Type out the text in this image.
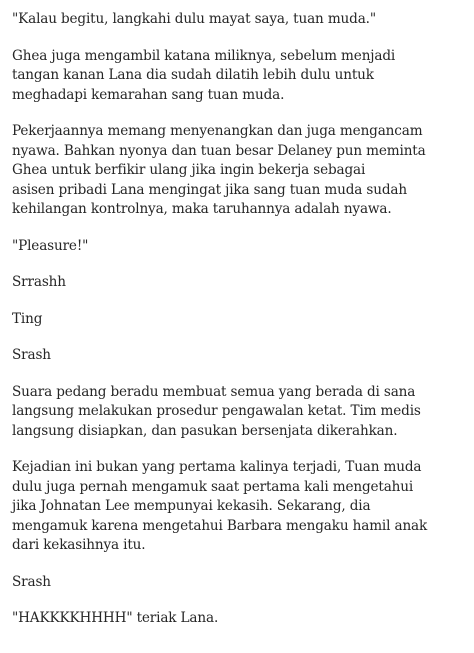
"Kalau begitu, langkahi dulu mayat saya, tuan muda."

Ghea juga mengambil katana miliknya, sebelum menjadi
tangan kanan Lana dia sudah dilatih lebih dulu untuk
meghadapi kemarahan sang tuan muda.

Pekerjaannya memang menyenangkan dan juga mengancam
nyawa. Bahkan nyonya dan tuan besar Delaney pun meminta
Ghea untuk berfikir ulang jika ingin bekerja sebagai
asisen pribadi Lana mengingat jika sang tuan muda sudah
kehilangan kontrolnya, maka taruhannya adalah nyawa.

"Pleasure!"

Srrashh

Ting

Srash

Suara pedang beradu membuat semua yang berada di sana
langsung melakukan prosedur pengawalan ketat. Tim medis
langsung disiapkan, dan pasukan bersenjata dikerahkan.

Kejadian ini bukan yang pertama kalinya terjadi, Tuan muda
dulu juga pernah mengamuk saat pertama kali mengetahui
jika Johnatan Lee mempunyai kekasih. Sekarang, dia
mengamuk karena mengetahui Barbara mengaku hamil anak
dari kekasihnya itu.

Srash

"HAKKKKHHHH" teriak Lana.
